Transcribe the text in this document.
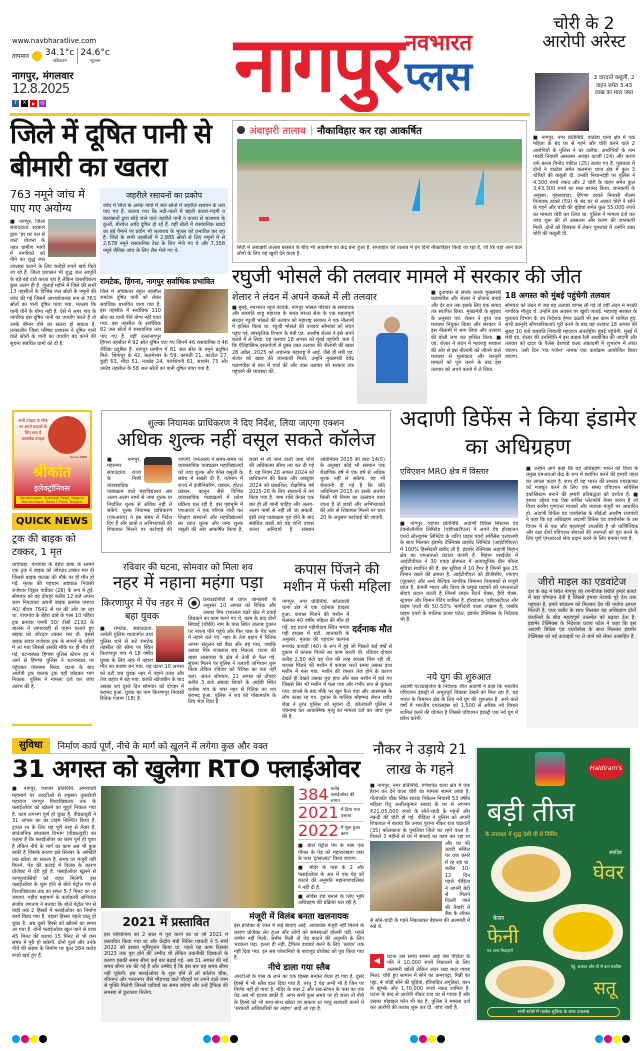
www.navbharatlive.com
तापमान 34.1°c
अधिकतम
24.6°c
न्यूनतम
नागपुर, मंगलवार
12.8.2025
f	X	▶	◎ नागपुर नवभारत
प्लस
चोरी के 2 आरोपी अरेस्ट
3 वारदातें कबूलीं, 2 वाहन समेत 3.43 लाख का माल जब्त
■ नागपुर, नगर प्रतिनिधि. वाठोडा थाना क्षेत्र में एक महिला के बंद घर से गहने और चोरी करने वाले 2 आरोपियों के पुलिस ने धर दबोचा. आरोपियों के नाम पारडी निवासी आसलम अजहर काजी (24) और करण उर्फ बल्ला विनोद पाटिल (25) बताए गए हैं. पूछताछ में दोनों ने वाठोडा समेत कलमना थाना क्षेत्र में कुल 3 चोरियों की कबूली दी. उनकी निशानदेही पर पुलिस ने 4,300 रुपये नकद और 2 चोरी के वाहन समेत कुल 3,43,300 रुपये का माल बरामद किया. जानकारी के अनुसार, गृहस्थवाड़ा, हिंगणा ठाकरे निवासी नीलम विनायक ठाकरे (59) के बंद घर से अज्ञात चोरों ने सोने के गहने और चांदी की चूड़ियां समेत कुल 55,000 रुपये का मामला चोरी कर लिया था. पुलिस ने मामला दर्ज कर जांच शुरू की तो आसलम और करण की जानकारी मिली. दोनों को हिरासत में लेकर पूछताछ में उन्होंने उक्त चोरी की कबूली दी.
जिले में दूषित पानी से बीमारी का खतरा
763 नमूने जांच में पाए गए अयोग्य
■ नागपुर, जिला संवाददाता. सरकार द्वारा 'हर घर नल से जल' योजना के तहत ग्रामीण भागों में नागरिकों को पीने का शुद्ध जल उपलब्ध कराने के लिए करोड़ों रुपये खर्च किये जा रहे हैं. जिला प्रशासन भी शुद्ध जल आपूर्ति के बड़े-बड़े दावे करता रहा है लेकिन वास्तविकता कुछ अलग ही है. जुलाई महीने में जिले की सभी 13 तहसीलों के विभिन्न जल स्रोतों के नमूनों की जांच की गई जिसमें आश्चर्यजनक रूप से 763 स्रोतों का पानी दूषित पाया गया. मतलब कि पानी पीने के योग्य नहीं है. ऐसे में अगर गांव के नागरिक इस दूषित पानी का उपयोग करते हैं तो उनके बीमार होने का खतरा हो सकता है. तत्कालीन जिला परिषद प्रशासन ने दूषित पानी वाले स्रोतों के पानी का उपयोग बंद करने की सूचना संबंधित ग्रामों को दी है.
जहरीले रसायनों का प्रकोप
जांच में जिले के अनेक गांवों में जल स्रोतों में जहरीले रसायन के तत्व पाए गए हैं. बताया गया कि नदी-नालों में बहती कचरा-गंदगी व कारखानों द्वारा छोड़े जाने वाले जहरीले पानी व कचरा से जलाशय के कुओं, बोरवेल आदि दूषित हो रहे हैं. वहीं खेतों में रासायनिक खादों का बड़े पैमाने पर प्रयोग भी जलाशय के भूजल को प्रभावित कर रहा है. जिले के सभी तहसीलों में 2,885 स्रोतों से लिए नमूनों में से 2,678 नमूने रासायनिक टेस्ट के लिए भेजे गए थे और 7,358 नमूने जैविक जांच के लिए लैब भेजे गए थे.
रामटेक, हिंगना, नागपुर सर्वाधिक प्रभावित
जिले में अधिकतर बहुल तहसील रामटेक दूषित पानी को लेकर सर्वाधिक प्रभावित पाया गया है. इस तहसील में सर्वाधिक 110 स्रोत का पानी पीने योग्य नहीं पाया गया. इस तहसील के सर्वाधिक 82 जल स्रोतों में रासायनिक तत्व पाए गए हैं. वहीं उत्तरनागपुर हिंगना तहसील में 92 स्रोत दूषित पाए गए जिनमें 46 रासायनिक व 46 जैविक प्रदूषित हैं. नागपुर ग्रामीण में 81 जल स्रोत के नमूने प्रदूषित मिले. भिवापुर के 42, कलमेश्वर के 59, कामठी 21, काटोल 27, कुही 63, मौदा 51, नरखेड़ 24, पारशिवनी 61, सावनेर 73 और उमरेड तहसील के 58 जल स्रोतों का पानी दूषित पाया गया है.
अंबाझरी तालाब | नौकाविहार कर रहा आकर्षित
सिटी में अंबाझरी तालाब बरसात के बीच भी आकर्षण का केंद्र बना हुआ है. सप्ताहांत को तालाब में इन दिनों नौकाविहार किया जा रहा है, जो कि यहां आने वाले लोगों के लिए यह खुशी देने वाला है.
रघुजी भोसले की तलवार मामले में सरकार की जीत
शेलार ने लंदन में अपने कब्जे में ली तलवार
■ मुंबई, नवभारत न्यूज नेटवर्क. नागपुर भोसले परिवार के संस्थापक और छत्रपति शाहू महाराज के समय मराठा सेना के एक महत्वपूर्ण सरदार रघुजी भोसले की तलवार को महाराष्ट्र सरकार ने एक नीलामी में हासिल किया था. रघुजी भोसले की तलवार सोमवार को लंदन पहुंच गई. सांस्कृतिक विभाग के मंत्री एड. आशीष शेलार ने इसे अपने कब्जे में ले लिया. यह तलवार 18 अगस्त को मुंबई पहुंचेगी. बता दें कि ऐतिहासिक दस्तावेजों से युक्त उक्त तलवार की नीलामी की खबर 28 अप्रैल, 2025 को अचानक महाराष्ट्र में आई. जैसे ही मंत्री एड. शेलार को खबर की जानकारी मिली, उन्होंने मुख्यमंत्री देवेंद्र फडणवीस से बात में चर्चा की और उक्त तलवार को सरकार तक पहुंचाने की व्यवस्था की.
■ दूतावास से संपर्क करके मुख्यमंत्री फडणवीस और शेलार ने योजना बनाई और देर रात तक इसके लिए एक संवाद तंत्र स्थापित किया. मुख्यमंत्री के सुझाव के अनुसार एड. शेलार ने तुरंत एक मध्यस्थ नियुक्त किया और सरकार ने इस नीलामी में भाग लिया और तलवार की बोली लगा कर हासिल किया. ■ एड. शेलार ने लंदन में महाराष्ट्र सरकार की ओर से इस नीलामी को जीतने वाले मध्यस्थ से मुलाकात और कानूनी मामलों को पूरा करने के बाद इस तलवार को अपने कब्जे में ले लिया.
18 अगस्त को मुंबई पहुंचेगी तलवार
सोमवार को लंदन में जब यह तलवार वापस ली गई तो वहीं लंदन में मराठी नागरिक मौजूद थे. उन्होंने इस अवसर पर खुशी जताई. महाराष्ट्र सरकार के पुरातत्व विभाग के उप निदेशक हेमंत दळवी भी इस काम में शामिल हुए. सभी कानूनी औपचारिकताएं पूरी करने के बाद यह तलवार 18 अगस्त की सुबह 10 बजे छत्रपति शिवाजी महाराज अंतर्राष्ट्रीय मुंबई पहुंचेगी. मुंबई में मंत्री एड. शेलार की उपस्थिति में इस बाइक रैली आयोजित की जाएगी और तलवार को दादर के पैलेस देशपांडे कला अकादमी में शुभारंभ में लाया जाएगा. उसी दिन 'गड गर्जना' नामक एक कार्यक्रम आयोजित किया जाएगा.
सभी त्योहार के मौके पर अपने ग्राहकों के लिए लाए हैं आकर्षक उपहार
Since 1988
श्रीकांत
इलेक्ट्रॉनिक्स
Gandhisagar, Subhash Road, Nagpur Manishnagar, Besa T-Point, Nagpur
QUICK NEWS
ट्रक की बाइक को टक्कर, 1 मृत
धापेवाड़ा. पाचगांव के बेहेरा डाबा के सामने एक ट्रक ने बाइक को जोरदार टक्कर मार दी जिससे बाइक चालक की मौके पर ही मौत हो गई. मृतक की पहचान अड्याळ निवासी राजेश्वर विठ्ठल पार्डेकर (28) के रूप में हुई. सोमवार को वह दोपहर करीब 12 बजे अपना काम निपटाकर अपनी बाइक क्रमांक एमएच 40/ बीएम 7641 से घर की ओर जा रहा था. पाचगांव के बेहेरा ढाबे के पास 10 पहिया ट्रक क्रमांक एमपी 30/ टीसी 2192 के चालक ने लापरवाही से वाहन चलाते हुए बाइक को जोरदार टक्कर मार दी. इससे बाइक सवार राजेश्वर ट्रक के सामने के पहिये में आ गया जिससे उसकी मौके पर ही मौत हो गई. घटनास्थल हिंगणा पुलिस स्टेशन हद में आने से हिंगणा पुलिस ने घटनास्थल पर पहुंचकर पंचनामा किया. घटना के बाद आरोपी ट्रक चालक ट्रक वहीं छोड़कर भाग निकला. पुलिस ने मामला दर्ज कर जांच आरंभ की है.
शुल्क नियामक प्राधिकरण ने दिए निर्देश, लिया जाएगा एक्शन
अधिक शुल्क नहीं वसूल सकते कॉलेज
■ नागपुर, महानगर संवाददाता. राज्य के निजी व्यावसायिक पाठ्यक्रम वाले महाविद्यालय अब अलग-अलग नामों से जमा शुल्क या निर्धारित शुल्क से अधिक नहीं ले सकेंगे. शुल्क नियामक प्राधिकरण (एफआरए) ने इस संबंध में निर्देश दिए हैं और छात्रों व अभिभावकों की शिकायत मिलने पर कार्रवाई की जाएगी. एफआरए ने समय-समय पर व्यावसायिक पाठ्यक्रम महाविद्यालयों को उच्च शुल्क और फीस वसूली के संबंध में सख्ती दी है. वर्तमान में राज्य में इंजीनियरिंग, प्रबंधन, होटल प्रबंधन, कानून जैसे विभिन्न व्यावसायिक पाठ्यक्रमों में प्रवेश प्रक्रिया चल रही है. इस पृष्ठभूमि में एफआरए ने एक परिपत्र जारी कर शिक्षण संस्थानों और महाविद्यालयों का ध्यान शुल्क और जमा शुल्क वसूली की ओर आकर्षित किया है. छात्रों से ली जाने वाली जमा राशि की अधिकतम सीमा तय कर दी गई है. यह नियम 28 अगस्त 2024 को प्राधिकरण की बैठक और अक्टूबर 2024 को प्रकाशित. शैक्षणिक वर्ष 2025-26 के लिए संस्थानों में तय किया गया है. जमा राशि केवल एक बार ही ली जानी चाहिए और अलग-अलग नामों से नहीं ली जा सकती. इसी तरह पाठ्यक्रम पूरा होने के बाद संबंधित छात्रों को यह राशि वापस करना अनिवार्य है. संस्थान अधिनियम 2015 की धारा 14(5) के अनुसार कोई भी संस्थान एक शैक्षणिक वर्ष में एक वर्ष से अधिक शुल्क नहीं ले सकेगा. यह भी चेतावनी दी गई है कि यदि अधिनियम 2015 या उसके अंतर्गत किसी भी नियम का उल्लंघन पाया जाता है तो छात्रों और अभिभावकों की ओर से शिकायत मिलने पर धारा 20 के अनुसार कार्रवाई की जाएगी.
रविवार की घटना, सोमवार को मिला शव
नहर में नहाना महंगा पड़ा
किरणापुर में पेंच नहर में बहा युवक
■ रामटेक, संवाददाता. अरोली पुलिस थानांतर्गत तथा पुलिस थाने से सटे रामटेक तहसील की सीमा पर स्थित किरणापुर गांव में 18 वर्षीय युवक के लिए नहर में नहाना मौत का कारण बन गया. यह घटना 10 अगस्त को घटी जब युवक नहर में नहाने उतरा और तेज बहाव में बह गया. काफी खोजबीन के बाद उसका शव दूसरे दिन सोमवार को दोपहर में बरामद हुआ. युवक का नाम किरणापुर निवासी रितिक गजाम (18) है.
●	प्रत्यक्षदर्शियों से प्राप्त जानकारी के अनुसार 10 अगस्त को रितिक और उसका मित्र राजलाल पंढरे खेत में दवाई छिड़कने का काम करने गए थे. काम के बाद दोनों सिंचाई (चौकी) नाम के पास स्थित तालाब दुकान पर नाश्ता पीने पहुंचे और फिर पास के पेंच नहर में नहाने चले गए. नहर के तेज बहाव में रितिक अपना संतुलन खो बैठा और बह गया, जबकि उसका मित्र राजलाल बच निकला. घटना की खबर आसपास के क्षेत्र में तेजी से फैल गई. सूचना मिलने पर पुलिस ने तलाशी अभियान शुरू किया लेकिन रविवार को रितिक का पता नहीं चला. अंततः सोमवार, 11 अगस्त को दोपहर करीब 3 बजे अंबाड़ा शिवारे के आईडी स्थित धनोबा गांव के पास नहर से रितिक का शव बरामद हुआ. पुलिस ने शव को पोस्टमार्टम के लिए भेज दिया है.
कपास पिंजने की मशीन में फंसी महिला
दर्दनाक मौत
नागपुर, नगर प्रतिनिधि. कोतवाली थाना क्षेत्र में एक दर्दनाक हादसा हुआ. कपास पिंजने की मशीन में फंसकर 40 वर्षीय महिला की मौत हो गई. यह घटना गद्दीगोदाम स्थित भगवा गद्दी हादसा में घटी. जानकारी के अनुसार, मृतका की पहचान कल्पना रूपचंद कावड़ी (40) के रूप में हुई जो पिछले कई वर्षों से दुकान में कपास पिंजने का काम करती थी. रविवार दोपहर करीब 2.30 बजे वह रोज की तरह कपास पिंज रही थी. कपास पिंजने की मशीन में कपास भरते समय उसका हाथ मशीन में फंस गया. मशीन की रफ्तार तेज होने के कारण देखते ही देखते उसका पूरा हाथ और बाल मशीन में चले गए जिससे सिर भी मशीन में फंस गया और गंभीर रूप से कुचला गया. हादसे के बाद मौके पर खून फैल गया और आसपास के लोग स्तब्ध रह गए. दुकान के मालिक मोहम्मद रोशन रशीद शेख ने तुरंत पुलिस को सूचना दी. कोतवाली पुलिस ने पंचनामा कर आकस्मिक मृत्यु का मामला दर्ज कर जांच शुरू की है.
अदाणी डिफेंस ने किया इंडामेर का अधिग्रहण
एविएशन MRO क्षेत्र में विस्तार
■ नागपुर, व्यापार प्रतिनिधि. अदाणी डिफेंस सिस्टम्स एंड टेक्नोलॉजीज लिमिटेड (एडीएसटीएल) ने अपने पेंच होराइजन एयरो सोल्यूशंस लिमिटेड के जरिए प्राइम एयरो सर्विसेस एलएलपी के साथ मिलकर इंडामेर टेक्निक्स प्राइवेट लिमिटेड (आईटीपीएल) में 100% हिस्सेदारी खरीद ली है. इंडामेर टेक्निक्स अदाणी मिहान क्षेत्र का एमआरओ प्रदाता कंपनी है. मिहान एसईजेड में आईटीपीएल ने 30 एकड़ क्षेत्रफल में अत्याधुनिक ग्रीन फील्ड सुविधा स्थापित की है. इस सुविधा में 10 हैंगर हैं जिनमें कुल 15 विमान रखने की क्षमता है. आईटीपीएल को डीजीसीए, एफएए (यूएसए) और अन्य वैश्विक नागरिक विमानन नियामकों से मंजूरी प्राप्त है. कंपनी भारत और विश्व के प्रमुख ग्राहकों को एमआरओ सेवाएं प्रदान करती है जिनमें लाइन रिटर्न चेक्स, हैवी चेक्स, स्ट्रक्चर और विमान पेंटिंग शामिल हैं. होराइजन, एडीएसटीएल और प्राइम एयरो की 50-50% भागीदारी वाला उपक्रम है, जबकि प्राइम एयरो के मालिक प्रजय पटेल, इंडामेर टेक्निक्स के निदेशक भी हैं.
नये युग की शुरुआत
अदाणी एंटरप्राइजेज के निदेशक जीत अदाणी ने कहा कि भारतीय एविएशन इंडस्ट्री में अभूतपूर्व विकास देखने को मिल रहा है. यह भारत के विमानन क्षेत्र के लिए नये युग की शुरुआत है. आने वाले वर्षों में भारतीय एयरलाइंस को 1,500 से अधिक नये विमान शामिल करने की योजना है जिससे एविएशन इंडस्ट्री एक नये युग में प्रवेश करेगी.
■ उन्होंने आगे कहा कि यह अधिग्रहण भारत को विश्व के प्रमुख एमआरओ केंद्र के रूप में स्थापित करने की हमारी पहल का अगला कदम है. साथ ही यह भारत की सशस्त्र एयरक्राफ्ट को मजबूत करने के लिए एक समग्र एविएशन सर्विसेस इकोसिस्टम बनाने की हमारी प्रतिबद्धता को दर्शाता है. ■ हमारा उद्देश्य एक ऐसा सर्विस प्लेटफॉर्म तैयार करना है जो विश्व स्तरीय गुणवत्ता मानकों और व्यापक मंजूरी पर आधारित हो. अदाणी डिफेंस एंड एयरोस्पेस के सीईओ आशीष राजवंशी ने कहा कि यह अधिग्रहण अदाणी डिफेंस एंड एयरोस्पेस के उस विजन में से एक और महत्वपूर्ण उपलब्धि है जो वाणिज्यिक और रक्षा दोनों एविएशन सेवाओं की जरूरतों को पूरा करने के लिए पूर्ण एमआरओ सेवा प्रदान करने के लिए बनाया गया है.
जीरो माइल का एडवांटेज
देश के केंद्र में स्थित नागपुर की रणनीतिक स्थिति हमारे कार्यों में बड़ा योगदान देती है जिससे हमारा नेटवर्क पूरे देश तक पहुंचता है. हमारे संचालन को मिलकर देश की पर्याप्त क्षमता मिलती है. एयर फ्लीट के साथ मिलकर यह अधिग्रहण दोनों कंपनियों के बीच महत्वपूर्ण तालमेल को बढ़ावा देता है. इंडामेर टेक्निक्स के निदेशक प्रजय पटेल ने कहा कि इस अदाणी डिफेंस एंड एयरोस्पेस के साथ मिलकर इंडामेर टेक्निक्स को नई ऊंचाइयों पर ले जाने को लेकर उत्साहित हैं.
सुविधा	निर्माण कार्य पूर्ण, नीचे के मार्ग को खुलने में लगेगा कुछ और वक्त
31 अगस्त को खुलेगा RTO फ्लाईओवर
■ नागपुर, व्यापार प्रतिनिधि. अमरावती महामार्ग पर आरटीओ से राष्ट्रसंत तुकडोजी महाराज नागपुर विश्वविद्यालय तक के फ्लाईओवर को खोलने का मुहूर्त निकाल गया है. काम लगभग पूर्ण हो चुका है. पीडब्ल्यूडी ने 31 अगस्त का का टाइम निश्चित किया है. ट्रायल रन के लिए यह पूरी तरह से तैयार है. सार्वजनिक बांधकाम विभाग (पीडब्ल्यूडी) का कहना है कि फ्लाईओवर का काम पूर्ण हो चुका है लेकिन नीचे के मार्ग का काम अब भी कुछ बाकी है जिसके कारण इसे सितंबर के आखिरी तक खोला जा सकता है. समय पर मंजूरी नहीं मिलने, पेड़ की कटाई में विलंब के कारण प्रोजेक्ट में देरी हुई है. फ्लाईओवर खुलने से नागपुरवासियों को राहत मिलेगी. इस फ्लाईओवर के शुरू होने से बोले पेट्रोल पंप से विश्वविद्यालय तक का सफर 5-7 मिनट का रह जाएगा. गड़ीय महामार्ग के कार्यकारी अभियंता संजोय जगताप ने बताया कि बोले पेट्रोल पंप से वाड़ी तक 2 हिस्सों में फ्लाईओवर का निर्माण कार्य किया गया है. पहला हिस्सा पहले चालू हो चुका है. अब दूसरे हिस्से को खोलने का समय आ गया है. दोनों फ्लाईओवर खुल जाने से यात्रा 45 मिनट की बजाय 15 मिनट से भी कम समय में पूरी हो सकेगी. दोनों पुलों और उनके नीचे की सड़क के निर्माण पर कुल 384 करोड़ रुपये खर्च हुए हैं.
384 करोड़ फ्लाईओवर की लागत
2021 में दिया गया प्रस्ताव
2022 में शुरू हुआ काम
■ बोले पेट्रोल पंप के पास एक पीपल के पेड़ को महाराजबाग जत्रा के पास 'ट्रांसप्लांट' किया जाएगा.
■ मंदिर के पास के 2 और फ्लाईओवर के अंत में एक पेड़ को काटने की अनुमति महानगरपालिका ने नहीं दी है.
■ सर्विस रोड बनाने के लिए भूमि अधिग्रहण की प्रक्रिया चल रही है.
2021 में प्रस्तावित
इस परियोजना को 2 साल में पूरा करने का था जो 2021 में प्रस्तावित किया गया था और केंद्रीय मंत्री नितिन गडकरी ने 5 मार्च 2022 को इसका भूमिपूजन किया था. पहले यह काम दिसंबर 2023 तक पूरा होने की उम्मीद थी लेकिन तकनीकी दिक्कतों के कारण इसकी समय सीमा कई बार बढ़ाई गई. अब 31 अगस्त की नई समय सीमा तय की गई है और उम्मीद है कि इस बार यह समय सीमा नहीं चूकेगी. इस फ्लाईओवर के शुरू होने से लॉ कॉलेज चौक, रविनगर और भरतनगर जैसे भीड़भाड़ वाले चौराहों पर लगने वाले जाम से मुक्ति मिलेगी जिससे यात्रियों का समय बचेगा और उन्हें ट्रैफिक की समस्या से छुटकारा मिलेगा.
मंजूरी में विलंब बनता खलनायक
इस प्रोजेक्ट के रास्ते में कई बाधाएं आईं. आवश्यक मंजूरी नहीं मिलने के कारण प्रोजेक्ट लेट हुआ और लोगों को समस्याओं होलनी पड़ी. पहले जमीन नहीं मिली, जमीन मिली तो पेड़ काटने की अनुमति के लिए भटकना पड़ा. इतना ही नहीं, ट्रैफिक डायवर्ट करने के लिए 'ब्लाक' तक नहीं दिया गया. इन सब परेशानियों के बावजूद प्रोजेक्ट को पूरा किया गया है.
नीचे डाला गया स्लैब
आरटीओ के पास के लाने का एक हिस्सा बनकर तैयार हो गया है. दूसरे हिस्से में भी स्लैब डाल दिया गया है. परंतु 3 पेड़ अभी भी है जिन पर निर्णय नहीं हो पाया है. मंदिर के पास 2 और सब-स्टेशन के पास का एक पेड़ अब भी हटाया बाकी है. अगर सभी कुछ समय पर हो जाता तो नीचे के हिस्से को भी साथ-साथ खोला जा सकता था परंतु सरकारी कामों में 'सरकारी अधिकारियों का अड़ंगा' आड़े आ रहा है.
नौकर ने उड़ाये 21 लाख के गहने
■ नागपुर, नगर प्रतिनिधि. गणेशपेठ थाना क्षेत्र में एक हैरान कर देने वाला चोरी का मामला सामने आया है. गीतांजलि चौक स्थित सारडा निकेतन निवासी 53 वर्षीय महिला रितु अजीतकुमार सारडा के घर से लगभग ₹21,05,000 रुपये के सोने-चांदी के गहनों और नकदी की चोरी हो गई. पीड़िता ने पुलिस को अपनी शिकायत में बताया कि उनका पुराना नौकर राज चक्रवर्ती (35) कोलकाता के पुरुलिया जिले का रहने वाला है. पिछले 3 महीनों से घर में सफाई का काम कर रहा था और घर की ऊपरी मंजिल पर एक कमरे में रह रहा था. करीब 10-12 दिन पहले पीड़िता ने अपनी बेटी से मिलने दिल्ली जाने की तैयारी में बैंक के लॉकर से सोने-चांदी के गहने निकालकर बेडरूम की अलमारी में रखे थे.
◀	घटना उस समय सामने आई जब पीड़िता के पति ने 10,000 रुपये निकालने के लिए अलमारी खोली लेकिन अंदर रखा माल गायब मिला. चोरी हुए सामान में सोने का कमरपट्टा, गिन्नी का पट्टा, 4 जोड़ी सोने की चूड़ियां, हीरेजड़ित अंगूठियां, कान के झुमके और 1,70,000 रुपये नकद शामिल हैं. घटना के बाद से आरोपी नौकर राज घर से गायब है और उसका मोबाइल फोन भी बंद है. पुलिस ने मामला दर्ज कर आरोपी की तलाश शुरू कर दी. जांच जारी है.
Haldiram's
बड़ी तीज
के उपलक्ष्य में शुद्ध देसी घी से निर्मित
स्वादिष्ट
घेवर
केसर
फेनी
एवं अन्य मिठाइयाँ
गेहूं, शक्कर और घी से बना स्वादिष्ट
सतू
सभी स्टोर्स में पार्सल सुविधा के साथ उपलब्ध
